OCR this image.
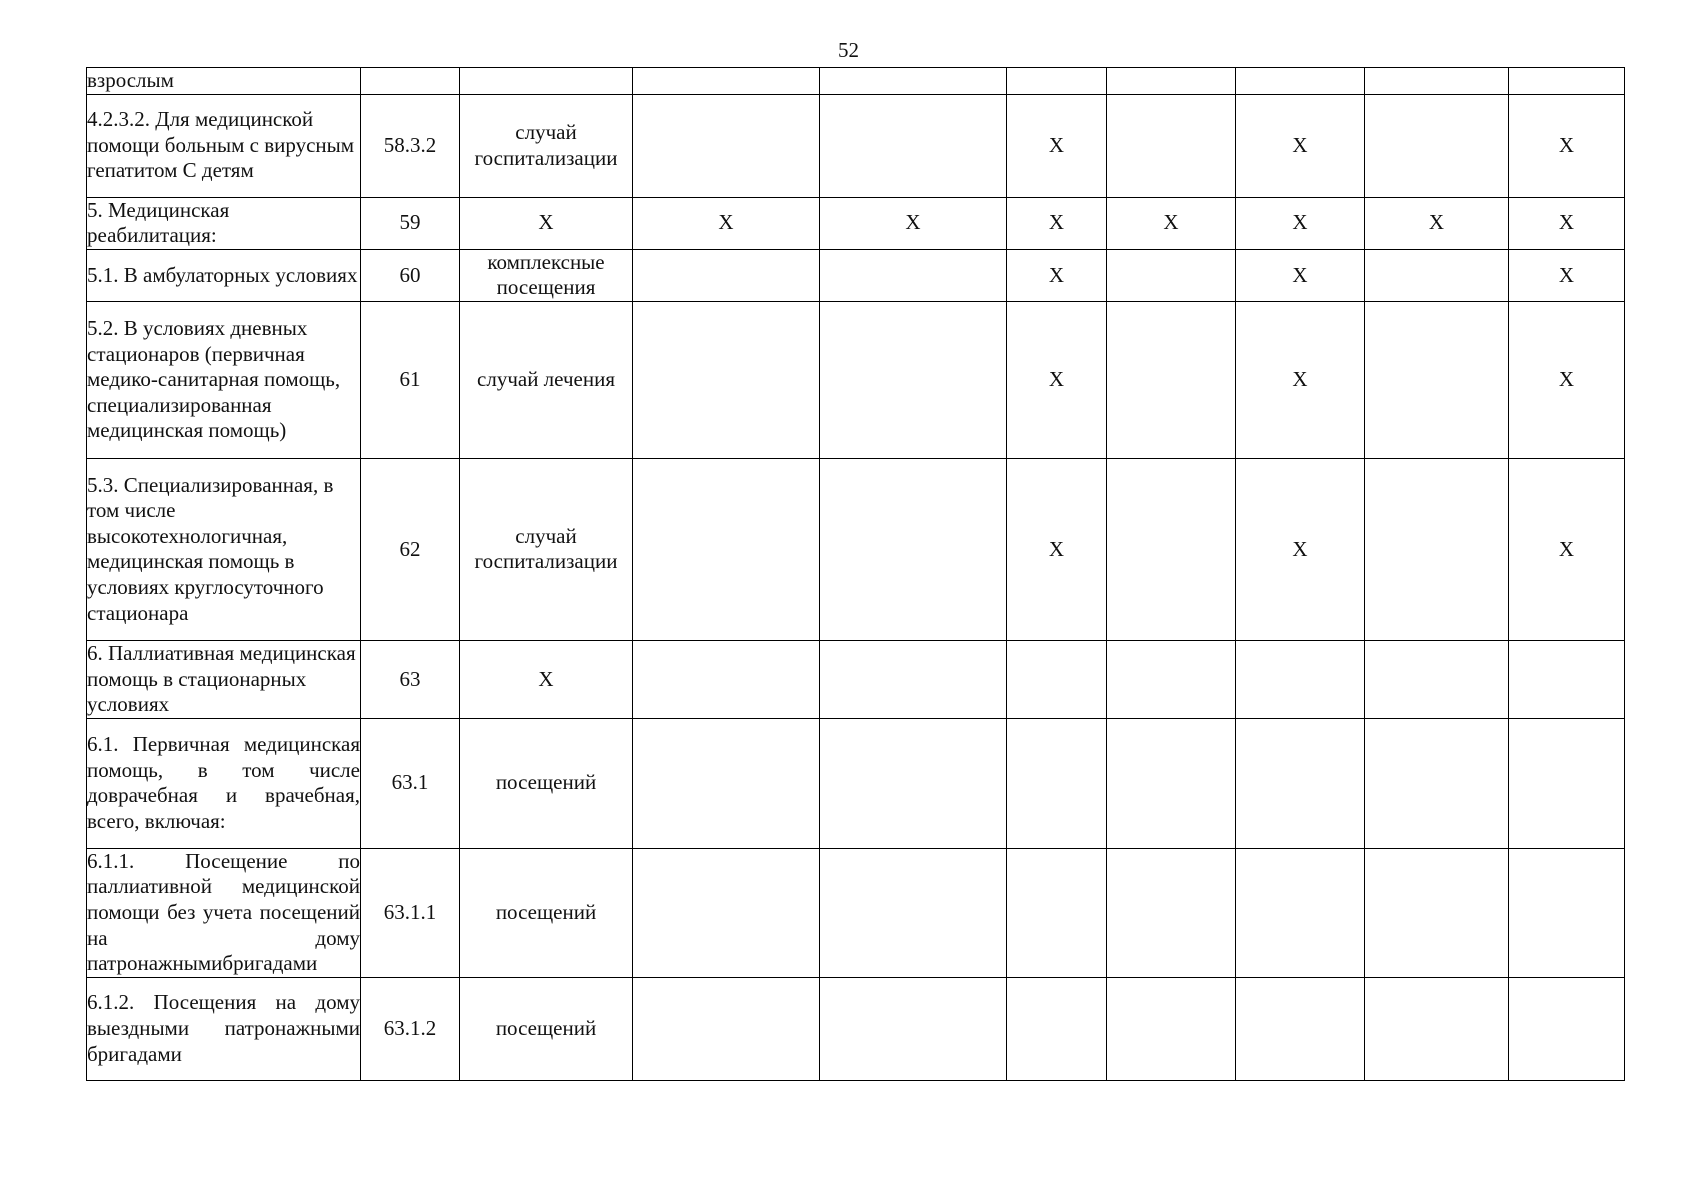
52
взрослым									
4.2.3.2. Для медицинской помощи больным с вирусным гепатитом С детям	58.3.2	случай госпитализации			Х		Х		Х
5. Медицинская реабилитация:	59	Х	Х	Х	Х	Х	Х	Х	Х
5.1. В амбулаторных условиях	60	комплексные посещения			Х		Х		Х
5.2. В условиях дневных стационаров (первичная медико-санитарная помощь, специализированная медицинская помощь)	61	случай лечения			Х		Х		Х
5.3. Специализированная, в том числе высокотехнологичная, медицинская помощь в условиях круглосуточного стационара	62	случай госпитализации			Х		Х		Х
6. Паллиативная медицинская помощь в стационарных условиях	63	Х							
6.1. Первичная медицинская помощь, в том числе доврачебная и врачебная, всего, включая:	63.1	посещений							
6.1.1. Посещение по паллиативной медицинской помощи без учета посещений на дому патронажнымибригадами	63.1.1	посещений							
6.1.2. Посещения на дому выездными патронажными бригадами	63.1.2	посещений							
